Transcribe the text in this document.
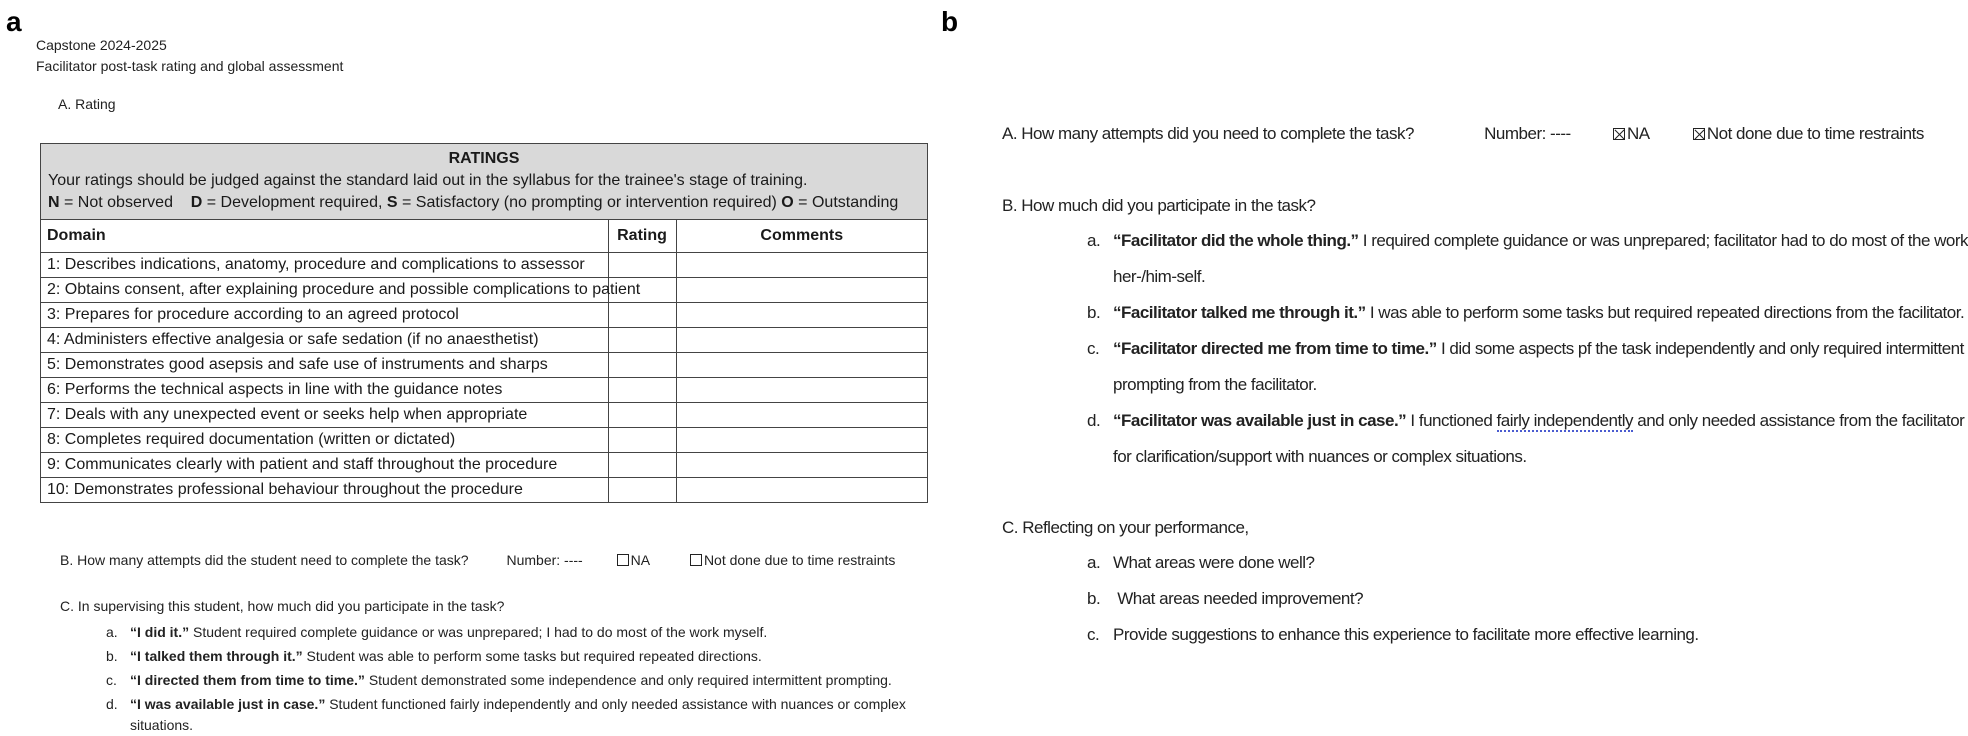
a	b
Capstone 2024-2025
Facilitator post-task rating and global assessment
A. Rating
RATINGS
Your ratings should be judged against the standard laid out in the syllabus for the trainee's stage of training.
N = Not observed    D = Development required, S = Satisfactory (no prompting or intervention required) O = Outstanding
Domain	Rating	Comments
1: Describes indications, anatomy, procedure and complications to assessor		
2: Obtains consent, after explaining procedure and possible complications to patient		
3: Prepares for procedure according to an agreed protocol		
4: Administers effective analgesia or safe sedation (if no anaesthetist)		
5: Demonstrates good asepsis and safe use of instruments and sharps		
6: Performs the technical aspects in line with the guidance notes		
7: Deals with any unexpected event or seeks help when appropriate		
8: Completes required documentation (written or dictated)		
9: Communicates clearly with patient and staff throughout the procedure		
10: Demonstrates professional behaviour throughout the procedure		
B. How many attempts did the student need to complete the task?	Number: ----	NA	Not done due to time restraints
C. In supervising this student, how much did you participate in the task?
a. “I did it.” Student required complete guidance or was unprepared; I had to do most of the work myself.
b. “I talked them through it.” Student was able to perform some tasks but required repeated directions.
c. “I directed them from time to time.” Student demonstrated some independence and only required intermittent prompting.
d. “I was available just in case.” Student functioned fairly independently and only needed assistance with nuances or complex
situations.
A. How many attempts did you need to complete the task?	Number: ----	NA	Not done due to time restraints
B. How much did you participate in the task?
a. “Facilitator did the whole thing.” I required complete guidance or was unprepared; facilitator had to do most of the work
her-/him-self.
b. “Facilitator talked me through it.” I was able to perform some tasks but required repeated directions from the facilitator.
c. “Facilitator directed me from time to time.” I did some aspects pf the task independently and only required intermittent
prompting from the facilitator.
d. “Facilitator was available just in case.” I functioned fairly independently and only needed assistance from the facilitator
for clarification/support with nuances or complex situations.
C. Reflecting on your performance,
a. What areas were done well?
b. What areas needed improvement?
c. Provide suggestions to enhance this experience to facilitate more effective learning.
